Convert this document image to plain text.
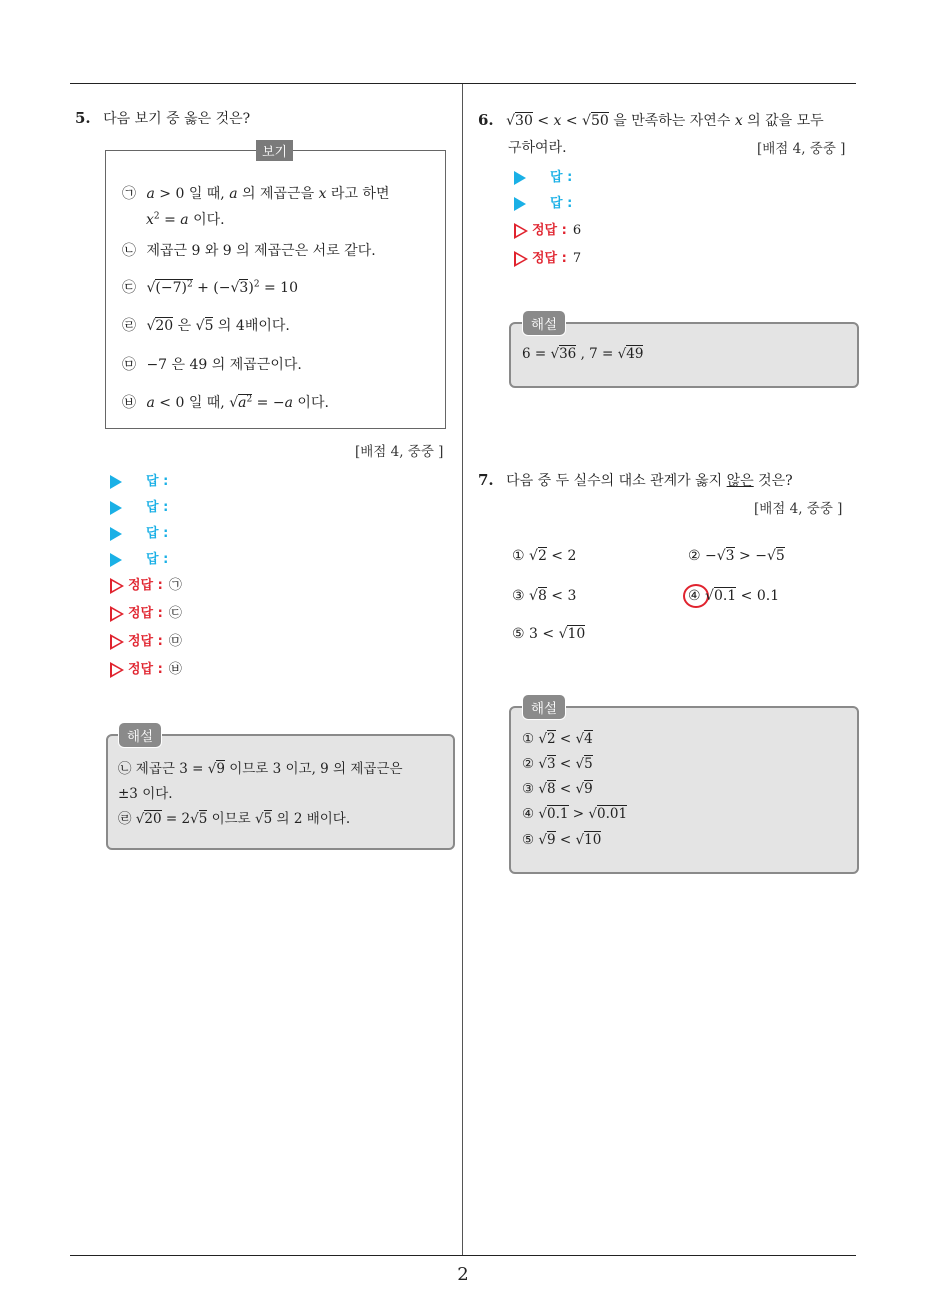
5. 다음 보기 중 옳은 것은?
보기
㉠ a > 0 일 때, a 의 제곱근을 x 라고 하면
$x^2 = a$ 이다.
㉡ 제곱근 9 와 9 의 제곱근은 서로 같다.
㉢ $√(-7)^2 + (-√3)^2 = 10$
㉣ √20 은 √5 의 4배이다.
㉤ −7 은 49 의 제곱근이다.
㉥ a < 0 일 때, $√a^2 = -a$ 이다.
[배점 4, 중중 ]
답 :
답 :
답 :
답 :
정답 : ㉠
정답 : ㉢
정답 : ㉤
정답 : ㉥
해설
㉡ 제곱근 3 = √9 이므로 3 이고, 9 의 제곱근은
±3 이다.
㉣ √20 = 2√5 이므로 √5 의 2 배이다.
6. √30 < x < √50 을 만족하는 자연수 x 의 값을 모두
구하여라.	[배점 4, 중중 ]
답 :
답 :
정답 : 6
정답 : 7
해설
6 = √36 , 7 = √49
7. 다음 중 두 실수의 대소 관계가 옳지 않은 것은?
[배점 4, 중중 ]
① √2 < 2	② −√3 > −√5
③ √8 < 3	④ √0.1 < 0.1
⑤ 3 < √10
해설
① √2 < √4
② √3 < √5
③ √8 < √9
④ √0.1 > √0.01
⑤ √9 < √10
2
